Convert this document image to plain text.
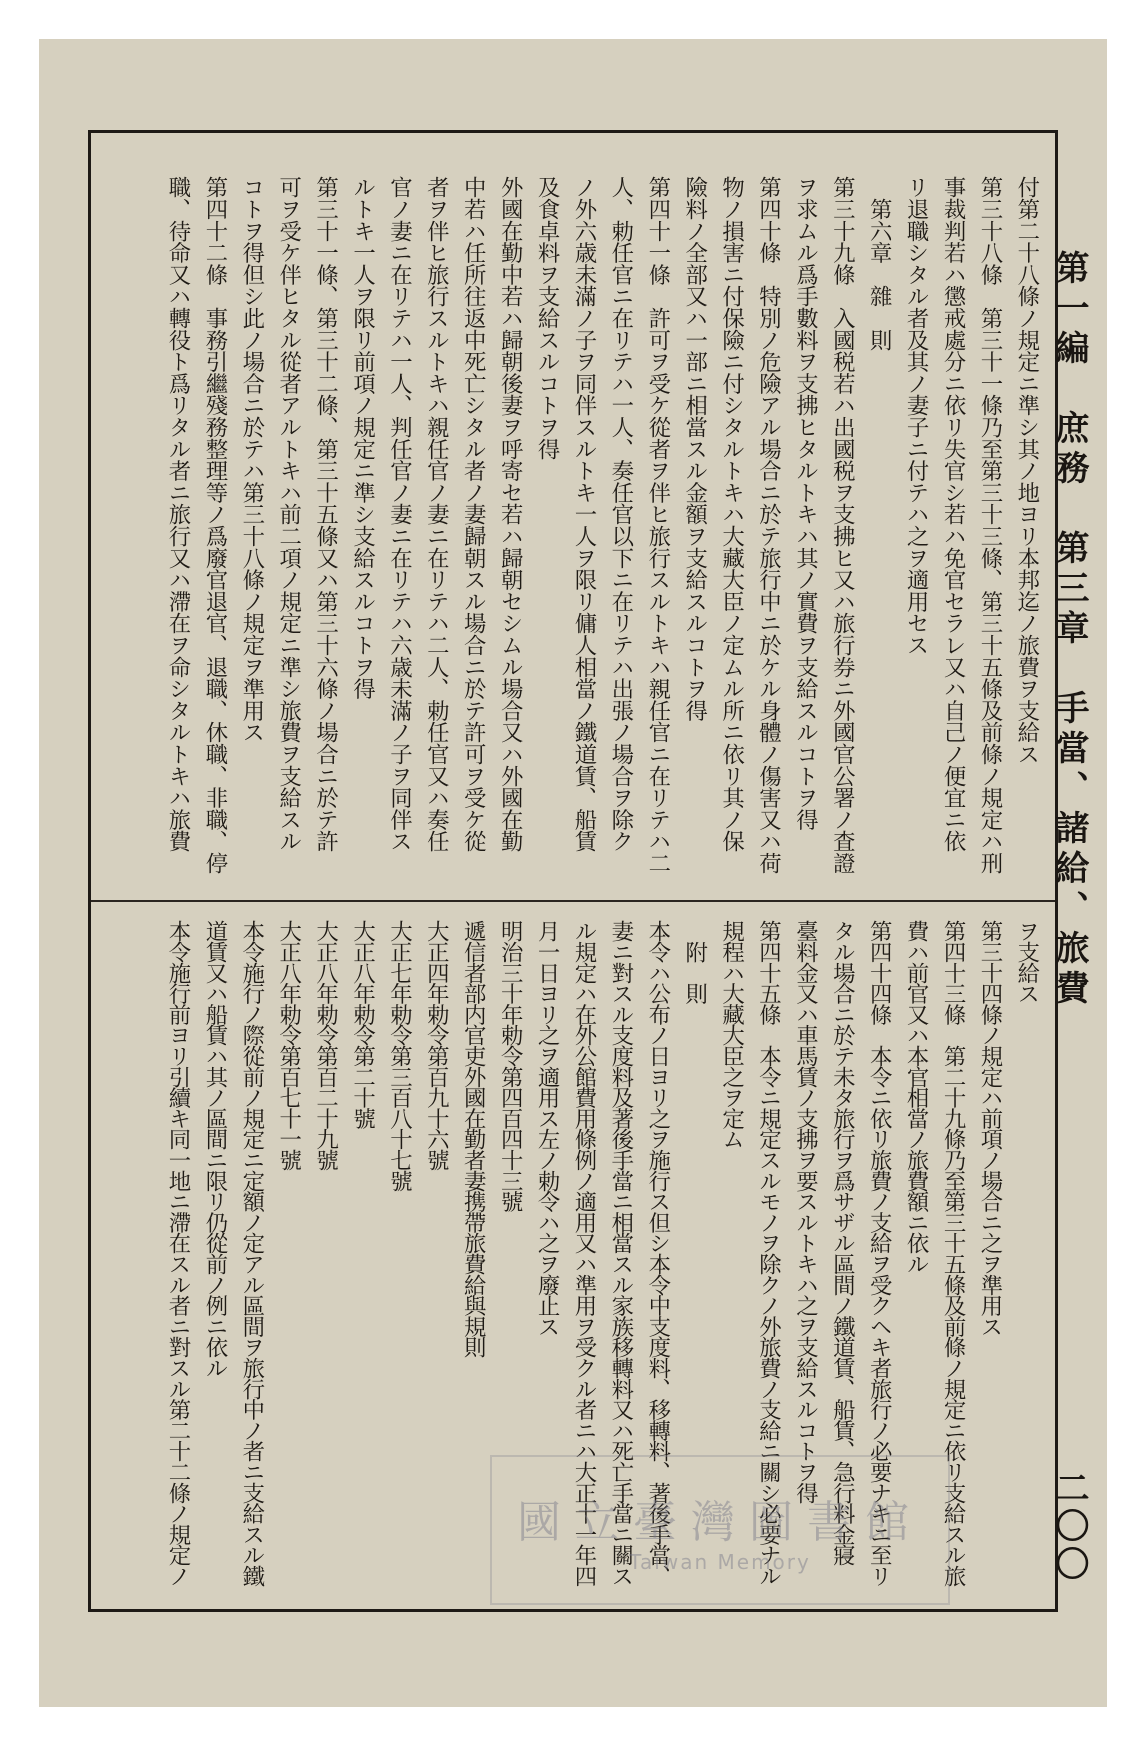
第一編　庶務　第三章　手當、諸給、旅費
二〇〇
付第二十八條ノ規定ニ準シ其ノ地ヨリ本邦迄ノ旅費ヲ支給ス
第三十八條　第三十一條乃至第三十三條、第三十五條及前條ノ規定ハ刑
事裁判若ハ懲戒處分ニ依リ失官シ若ハ免官セラレ又ハ自己ノ便宜ニ依
リ退職シタル者及其ノ妻子ニ付テハ之ヲ適用セス
　第六章　雜　則
第三十九條　入國税若ハ出國税ヲ支拂ヒ又ハ旅行券ニ外國官公署ノ査證
ヲ求ムル爲手數料ヲ支拂ヒタルトキハ其ノ實費ヲ支給スルコトヲ得
第四十條　特別ノ危險アル場合ニ於テ旅行中ニ於ケル身體ノ傷害又ハ荷
物ノ損害ニ付保險ニ付シタルトキハ大藏大臣ノ定ムル所ニ依リ其ノ保
險料ノ全部又ハ一部ニ相當スル金額ヲ支給スルコトヲ得
第四十一條　許可ヲ受ケ從者ヲ伴ヒ旅行スルトキハ親任官ニ在リテハ二
人、勅任官ニ在リテハ一人、奏任官以下ニ在リテハ出張ノ場合ヲ除ク
ノ外六歳未滿ノ子ヲ同伴スルトキ一人ヲ限リ傭人相當ノ鐵道賃、船賃
及食卓料ヲ支給スルコトヲ得
外國在勤中若ハ歸朝後妻ヲ呼寄セ若ハ歸朝セシムル場合又ハ外國在勤
中若ハ任所往返中死亡シタル者ノ妻歸朝スル場合ニ於テ許可ヲ受ケ從
者ヲ伴ヒ旅行スルトキハ親任官ノ妻ニ在リテハ二人、勅任官又ハ奏任
官ノ妻ニ在リテハ一人、判任官ノ妻ニ在リテハ六歳未滿ノ子ヲ同伴ス
ルトキ一人ヲ限リ前項ノ規定ニ準シ支給スルコトヲ得
第三十一條、第三十二條、第三十五條又ハ第三十六條ノ場合ニ於テ許
可ヲ受ケ伴ヒタル從者アルトキハ前二項ノ規定ニ準シ旅費ヲ支給スル
コトヲ得但シ此ノ場合ニ於テハ第三十八條ノ規定ヲ準用ス
第四十二條　事務引繼殘務整理等ノ爲廢官退官、退職、休職、非職、停
職、待命又ハ轉役ト爲リタル者ニ旅行又ハ滯在ヲ命シタルトキハ旅費
ヲ支給ス
第三十四條ノ規定ハ前項ノ場合ニ之ヲ準用ス
第四十三條　第二十九條乃至第三十五條及前條ノ規定ニ依リ支給スル旅
費ハ前官又ハ本官相當ノ旅費額ニ依ル
第四十四條　本令ニ依リ旅費ノ支給ヲ受クヘキ者旅行ノ必要ナキニ至リ
タル場合ニ於テ未タ旅行ヲ爲サザル區間ノ鐵道賃、船賃、急行料金寢
臺料金又ハ車馬賃ノ支拂ヲ要スルトキハ之ヲ支給スルコトヲ得
第四十五條　本令ニ規定スルモノヲ除クノ外旅費ノ支給ニ關シ必要ナル
規程ハ大藏大臣之ヲ定ム
　附　則
本令ハ公布ノ日ヨリ之ヲ施行ス但シ本令中支度料、移轉料、著後手當、
妻ニ對スル支度料及著後手當ニ相當スル家族移轉料又ハ死亡手當ニ關ス
ル規定ハ在外公館費用條例ノ適用又ハ準用ヲ受クル者ニハ大正十一年四
月一日ヨリ之ヲ適用ス左ノ勅令ハ之ヲ廢止ス
明治三十年勅令第四百四十三號
遞信者部内官吏外國在勤者妻携帶旅費給與規則
大正四年勅令第百九十六號
大正七年勅令第三百八十七號
大正八年勅令第二十號
大正八年勅令第百二十九號
大正八年勅令第百七十一號
本令施行ノ際從前ノ規定ニ定額ノ定アル區間ヲ旅行中ノ者ニ支給スル鐵
道賃又ハ船賃ハ其ノ區間ニ限リ仍從前ノ例ニ依ル
本令施行前ヨリ引續キ同一地ニ滯在スル者ニ對スル第二十二條ノ規定ノ	國立臺灣圖書館
Taiwan Memory
